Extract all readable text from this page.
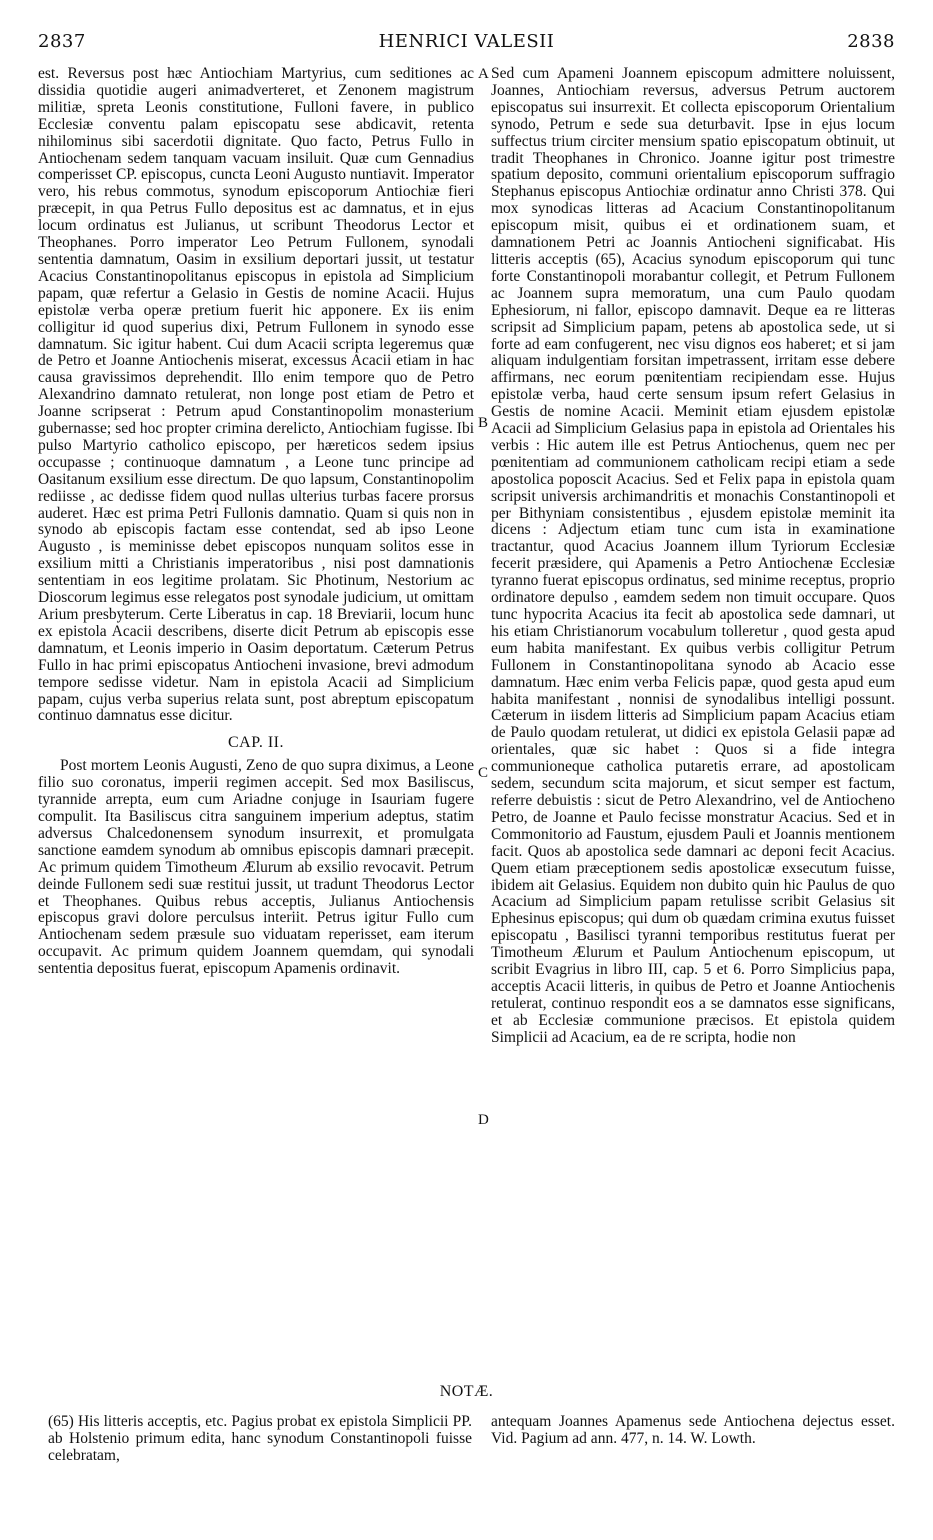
2837	HENRICI VALESII	2838
A
B
C
D

est. Reversus post hæc Antiochiam Martyrius, cum seditiones ac dissidia quotidie augeri animadverteret, et Zenonem magistrum militiæ, spreta Leonis constitutione, Fulloni favere, in publico Ecclesiæ conventu palam episcopatu sese abdicavit, retenta nihilominus sibi sacerdotii dignitate. Quo facto, Petrus Fullo in Antiochenam sedem tanquam vacuam insiluit. Quæ cum Gennadius comperisset CP. episcopus, cuncta Leoni Augusto nuntiavit. Imperator vero, his rebus commotus, synodum episcoporum Antiochiæ fieri præcepit, in qua Petrus Fullo depositus est ac damnatus, et in ejus locum ordinatus est Julianus, ut scribunt Theodorus Lector et Theophanes. Porro imperator Leo Petrum Fullonem, synodali sententia damnatum, Oasim in exsilium deportari jussit, ut testatur Acacius Constantinopolitanus episcopus in epistola ad Simplicium papam, quæ refertur a Gelasio in Gestis de nomine Acacii. Hujus epistolæ verba operæ pretium fuerit hic apponere. Ex iis enim colligitur id quod superius dixi, Petrum Fullonem in synodo esse damnatum. Sic igitur habent. Cui dum Acacii scripta legeremus quæ de Petro et Joanne Antiochenis miserat, excessus Acacii etiam in hac causa gravissimos deprehendit. Illo enim tempore quo de Petro Alexandrino damnato retulerat, non longe post etiam de Petro et Joanne scripserat : Petrum apud Constantinopolim monasterium gubernasse; sed hoc propter crimina derelicto, Antiochiam fugisse. Ibi pulso Martyrio catholico episcopo, per hæreticos sedem ipsius occupasse ; continuoque damnatum , a Leone tunc principe ad Oasitanum exsilium esse directum. De quo lapsum, Constantinopolim rediisse , ac dedisse fidem quod nullas ulterius turbas facere prorsus auderet. Hæc est prima Petri Fullonis damnatio. Quam si quis non in synodo ab episcopis factam esse contendat, sed ab ipso Leone Augusto , is meminisse debet episcopos nunquam solitos esse in exsilium mitti a Christianis imperatoribus , nisi post damnationis sententiam in eos legitime prolatam. Sic Photinum, Nestorium ac Dioscorum legimus esse relegatos post synodale judicium, ut omittam Arium presbyterum. Certe Liberatus in cap. 18 Breviarii, locum hunc ex epistola Acacii describens, diserte dicit Petrum ab episcopis esse damnatum, et Leonis imperio in Oasim deportatum. Cæterum Petrus Fullo in hac primi episcopatus Antiocheni invasione, brevi admodum tempore sedisse videtur. Nam in epistola Acacii ad Simplicium papam, cujus verba superius relata sunt, post abreptum episcopatum continuo damnatus esse dicitur.

CAP. II.

Post mortem Leonis Augusti, Zeno de quo supra diximus, a Leone filio suo coronatus, imperii regimen accepit. Sed mox Basiliscus, tyrannide arrepta, eum cum Ariadne conjuge in Isauriam fugere compulit. Ita Basiliscus citra sanguinem imperium adeptus, statim adversus Chalcedonensem synodum insurrexit, et promulgata sanctione eamdem synodum ab omnibus episcopis damnari præcepit. Ac primum quidem Timotheum Ælurum ab exsilio revocavit. Petrum deinde Fullonem sedi suæ restitui jussit, ut tradunt Theodorus Lector et Theophanes. Quibus rebus acceptis, Julianus Antiochensis episcopus gravi dolore perculsus interiit. Petrus igitur Fullo cum Antiochenam sedem præsule suo viduatam reperisset, eam iterum occupavit. Ac primum quidem Joannem quemdam, qui synodali sententia depositus fuerat, episcopum Apamenis ordinavit.

Sed cum Apameni Joannem episcopum admittere noluissent, Joannes, Antiochiam reversus, adversus Petrum auctorem episcopatus sui insurrexit. Et collecta episcoporum Orientalium synodo, Petrum e sede sua deturbavit. Ipse in ejus locum suffectus trium circiter mensium spatio episcopatum obtinuit, ut tradit Theophanes in Chronico. Joanne igitur post trimestre spatium deposito, communi orientalium episcoporum suffragio Stephanus episcopus Antiochiæ ordinatur anno Christi 378. Qui mox synodicas litteras ad Acacium Constantinopolitanum episcopum misit, quibus ei et ordinationem suam, et damnationem Petri ac Joannis Antiocheni significabat. His litteris acceptis (65), Acacius synodum episcoporum qui tunc forte Constantinopoli morabantur collegit, et Petrum Fullonem ac Joannem supra memoratum, una cum Paulo quodam Ephesiorum, ni fallor, episcopo damnavit. Deque ea re litteras scripsit ad Simplicium papam, petens ab apostolica sede, ut si forte ad eam confugerent, nec visu dignos eos haberet; et si jam aliquam indulgentiam forsitan impetrassent, irritam esse debere affirmans, nec eorum pœnitentiam recipiendam esse. Hujus epistolæ verba, haud certe sensum ipsum refert Gelasius in Gestis de nomine Acacii. Meminit etiam ejusdem epistolæ Acacii ad Simplicium Gelasius papa in epistola ad Orientales his verbis : Hic autem ille est Petrus Antiochenus, quem nec per pœnitentiam ad communionem catholicam recipi etiam a sede apostolica poposcit Acacius. Sed et Felix papa in epistola quam scripsit universis archimandritis et monachis Constantinopoli et per Bithyniam consistentibus , ejusdem epistolæ meminit ita dicens : Adjectum etiam tunc cum ista in examinatione tractantur, quod Acacius Joannem illum Tyriorum Ecclesiæ fecerit præsidere, qui Apamenis a Petro Antiochenæ Ecclesiæ tyranno fuerat episcopus ordinatus, sed minime receptus, proprio ordinatore depulso , eamdem sedem non timuit occupare. Quos tunc hypocrita Acacius ita fecit ab apostolica sede damnari, ut his etiam Christianorum vocabulum tolleretur , quod gesta apud eum habita manifestant. Ex quibus verbis colligitur Petrum Fullonem in Constantinopolitana synodo ab Acacio esse damnatum. Hæc enim verba Felicis papæ, quod gesta apud eum habita manifestant , nonnisi de synodalibus intelligi possunt. Cæterum in iisdem litteris ad Simplicium papam Acacius etiam de Paulo quodam retulerat, ut didici ex epistola Gelasii papæ ad orientales, quæ sic habet : Quos si a fide integra communioneque catholica putaretis errare, ad apostolicam sedem, secundum scita majorum, et sicut semper est factum, referre debuistis : sicut de Petro Alexandrino, vel de Antiocheno Petro, de Joanne et Paulo fecisse monstratur Acacius. Sed et in Commonitorio ad Faustum, ejusdem Pauli et Joannis mentionem facit. Quos ab apostolica sede damnari ac deponi fecit Acacius. Quem etiam præceptionem sedis apostolicæ exsecutum fuisse, ibidem ait Gelasius. Equidem non dubito quin hic Paulus de quo Acacium ad Simplicium papam retulisse scribit Gelasius sit Ephesinus episcopus; qui dum ob quædam crimina exutus fuisset episcopatu , Basilisci tyranni temporibus restitutus fuerat per Timotheum Ælurum et Paulum Antiochenum episcopum, ut scribit Evagrius in libro III, cap. 5 et 6. Porro Simplicius papa, acceptis Acacii litteris, in quibus de Petro et Joanne Antiochenis retulerat, continuo respondit eos a se damnatos esse significans, et ab Ecclesiæ communione præcisos. Et epistola quidem Simplicii ad Acacium, ea de re scripta, hodie non

NOTÆ.
(65) His litteris acceptis, etc. Pagius probat ex epistola Simplicii PP. ab Holstenio primum edita, hanc synodum Constantinopoli fuisse celebratam,
antequam Joannes Apamenus sede Antiochena dejectus esset. Vid. Pagium ad ann. 477, n. 14. W. Lowth.
